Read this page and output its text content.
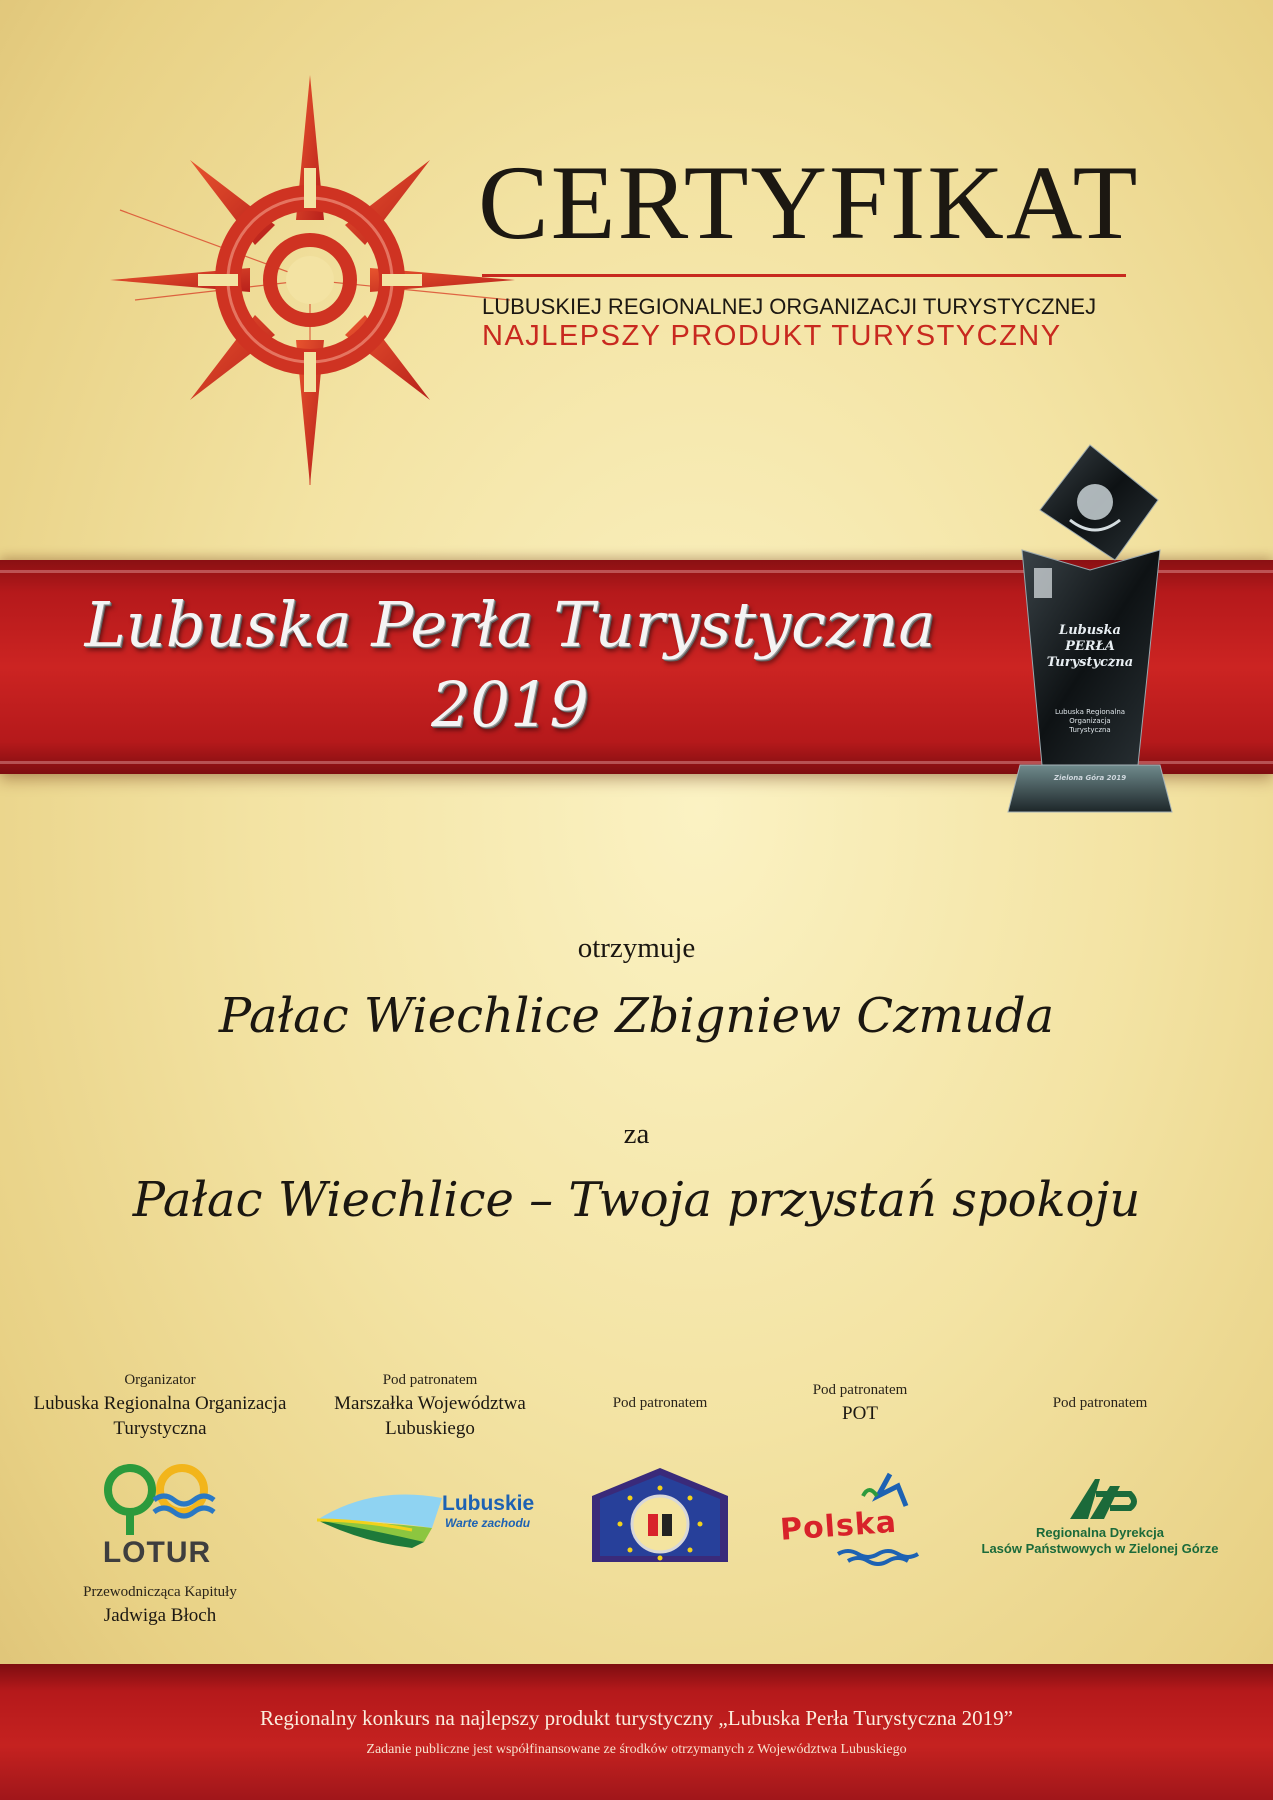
CERTYFIKAT
LUBUSKIEJ REGIONALNEJ ORGANIZACJI TURYSTYCZNEJ
NAJLEPSZY PRODUKT TURYSTYCZNY
Lubuska Perła Turystyczna
2019
Lubuska
PERŁA
Turystyczna
Lubuska Regionalna
Organizacja
Turystyczna
Zielona Góra 2019
otrzymuje
Pałac Wiechlice Zbigniew Czmuda
za
Pałac Wiechlice – Twoja przystań spokoju
Organizator
Lubuska Regionalna Organizacja Turystyczna
Pod patronatem
Marszałka Województwa Lubuskiego
Pod patronatem
Pod patronatem
POT	Pod patronatem
LOTUR
Lubuskie
Warte zachodu	Polska	Regionalna Dyrekcja
Lasów Państwowych w Zielonej Górze
Przewodnicząca Kapituły
Jadwiga Błoch
Regionalny konkurs na najlepszy produkt turystyczny „Lubuska Perła Turystyczna 2019”
Zadanie publiczne jest współfinansowane ze środków otrzymanych z Województwa Lubuskiego
